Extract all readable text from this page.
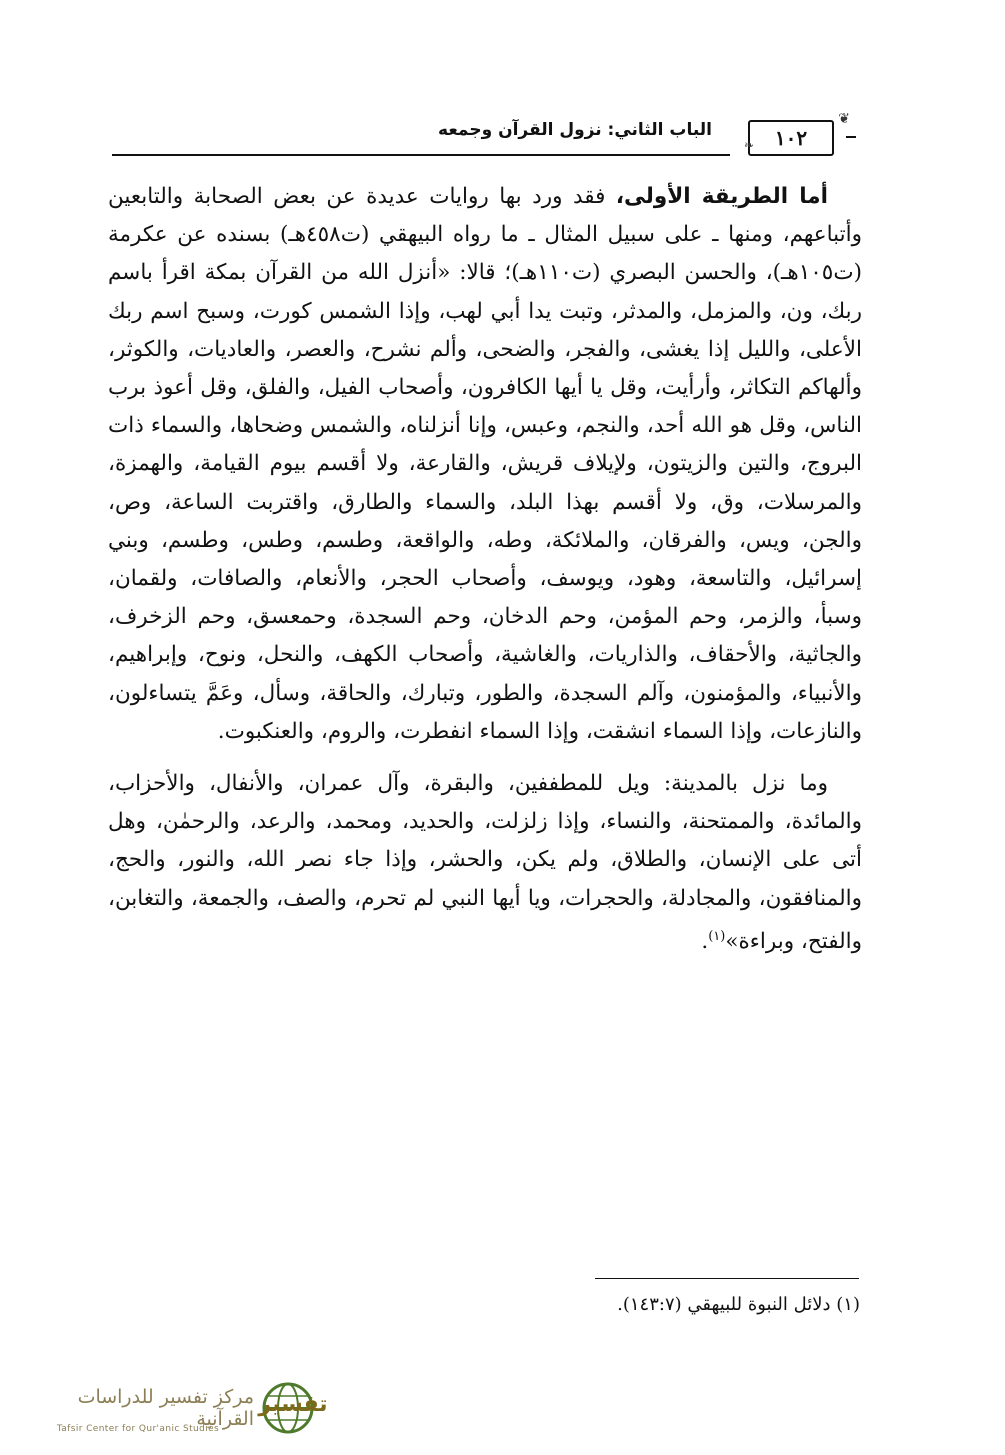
الباب الثاني: نزول القرآن وجمعه	١٠٢
❦
❧

أما الطريقة الأولى، فقد ورد بها روايات عديدة عن بعض الصحابة والتابعين وأتباعهم، ومنها ـ على سبيل المثال ـ ما رواه البيهقي (ت٤٥٨هـ) بسنده عن عكرمة (ت١٠٥هـ)، والحسن البصري (ت١١٠هـ)؛ قالا: «أنزل الله من القرآن بمكة اقرأ باسم ربك، ون، والمزمل، والمدثر، وتبت يدا أبي لهب، وإذا الشمس كورت، وسبح اسم ربك الأعلى، والليل إذا يغشى، والفجر، والضحى، وألم نشرح، والعصر، والعاديات، والكوثر، وألهاكم التكاثر، وأرأيت، وقل يا أيها الكافرون، وأصحاب الفيل، والفلق، وقل أعوذ برب الناس، وقل هو الله أحد، والنجم، وعبس، وإنا أنزلناه، والشمس وضحاها، والسماء ذات البروج، والتين والزيتون، ولإيلاف قريش، والقارعة، ولا أقسم بيوم القيامة، والهمزة، والمرسلات، وق، ولا أقسم بهذا البلد، والسماء والطارق، واقتربت الساعة، وص، والجن، ويس، والفرقان، والملائكة، وطه، والواقعة، وطسم، وطس، وطسم، وبني إسرائيل، والتاسعة، وهود، ويوسف، وأصحاب الحجر، والأنعام، والصافات، ولقمان، وسبأ، والزمر، وحم المؤمن، وحم الدخان، وحم السجدة، وحمعسق، وحم الزخرف، والجاثية، والأحقاف، والذاريات، والغاشية، وأصحاب الكهف، والنحل، ونوح، وإبراهيم، والأنبياء، والمؤمنون، وآلم السجدة، والطور، وتبارك، والحاقة، وسأل، وعَمَّ يتساءلون، والنازعات، وإذا السماء انشقت، وإذا السماء انفطرت، والروم، والعنكبوت.

وما نزل بالمدينة: ويل للمطففين، والبقرة، وآل عمران، والأنفال، والأحزاب، والمائدة، والممتحنة، والنساء، وإذا زلزلت، والحديد، ومحمد، والرعد، والرحمٰن، وهل أتى على الإنسان، والطلاق، ولم يكن، والحشر، وإذا جاء نصر الله، والنور، والحج، والمنافقون، والمجادلة، والحجرات، ويا أيها النبي لم تحرم، والصف، والجمعة، والتغابن، والفتح، وبراءة»$^{(١)}$.

(١) دلائل النبوة للبيهقي (١٤٣:٧).
تفسير
مركز تفسير للدراسات القرآنية
Tafsir Center for Qur'anic Studies
